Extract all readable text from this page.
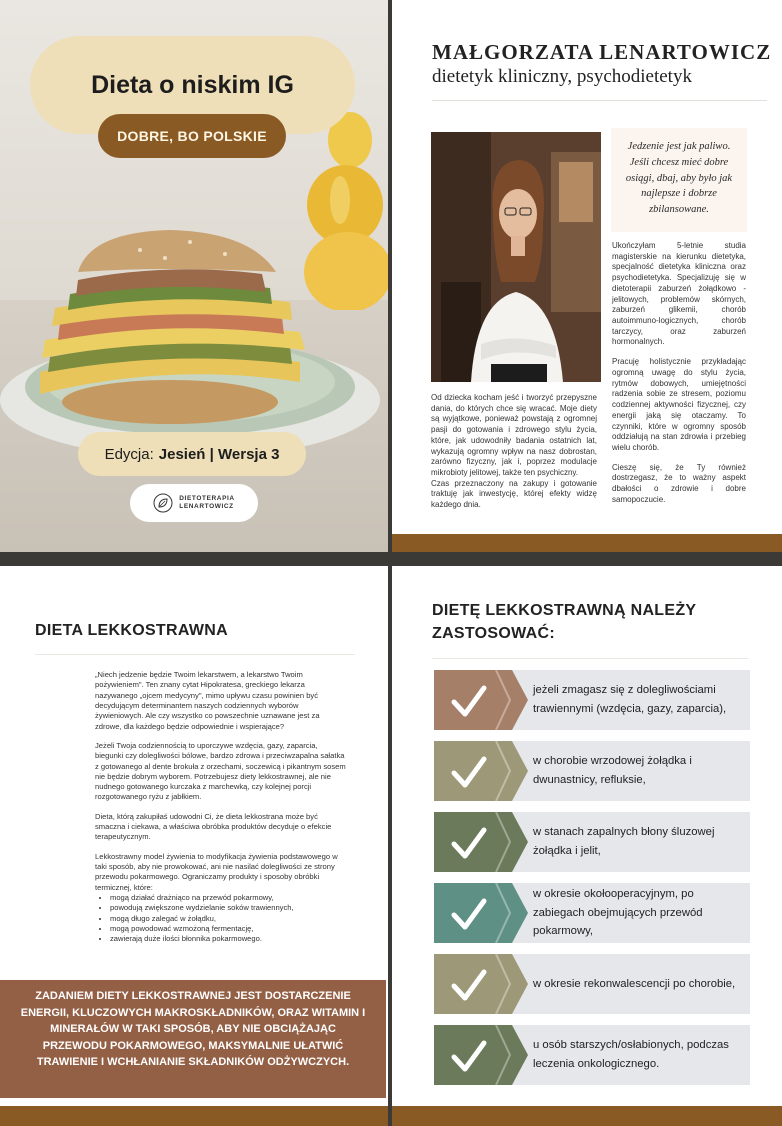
Dieta o niskim IG
DOBRE, BO POLSKIE
Edycja: Jesień | Wersja 3
DIETOTERAPIA
LENARTOWICZ
MAŁGORZATA LENARTOWICZ
dietetyk kliniczny, psychodietetyk
Jedzenie jest jak paliwo. Jeśli chcesz mieć dobre osiągi, dbaj, aby było jak najlepsze i dobrze zbilansowane.

Ukończyłam 5-letnie studia magisterskie na kierunku dietetyka, specjalność dietetyka kliniczna oraz psychodietetyka. Specjalizuję się w dietoterapii zaburzeń żołądkowo - jelitowych, problemów skórnych, zaburzeń glikemii, chorób autoimmuno-logicznych, chorób tarczycy, oraz zaburzeń hormonalnych.

Pracuję holistycznie przykładając ogromną uwagę do stylu życia, rytmów dobowych, umiejętności radzenia sobie ze stresem, poziomu codziennej aktywności fizycznej, czy energii jaką się otaczamy. To czynniki, które w ogromny sposób oddziałują na stan zdrowia i przebieg wielu chorób.

Cieszę się, że Ty również dostrzegasz, że to ważny aspekt dbałości o zdrowie i dobre samopoczucie.

Od dziecka kocham jeść i tworzyć przepyszne dania, do których chce się wracać. Moje diety są wyjątkowe, ponieważ powstają z ogromnej pasji do gotowania i zdrowego stylu życia, które, jak udowodniły badania ostatnich lat, wykazują ogromny wpływ na nasz dobrostan, zarówno fizyczny, jak i, poprzez modulacje mikrobioty jelitowej, także ten psychiczny.

Czas przeznaczony na zakupy i gotowanie traktuję jak inwestycję, której efekty widzę każdego dnia.

DIETA LEKKOSTRAWNA

„Niech jedzenie będzie Twoim lekarstwem, a lekarstwo Twoim pożywieniem". Ten znany cytat Hipokratesa, greckiego lekarza nazywanego „ojcem medycyny", mimo upływu czasu powinien być decydującym determinantem naszych codziennych wyborów żywieniowych. Ale czy wszystko co powszechnie uznawane jest za zdrowe, dla każdego będzie odpowiednie i wspierające?

Jeżeli Twoja codziennością to uporczywe wzdęcia, gazy, zaparcia, biegunki czy dolegliwości bólowe, bardzo zdrowa i przeciwzapalna sałatka z gotowanego al dente brokuła z orzechami, soczewicą i pikantnym sosem nie będzie dobrym wyborem. Potrzebujesz diety lekkostrawnej, ale nie nudnego gotowanego kurczaka z marchewką, czy kolejnej porcji rozgotowanego ryżu z jabłkiem.

Dieta, którą zakupiłaś udowodni Ci, że dieta lekkostrana może być smaczna i ciekawa, a właściwa obróbka produktów decyduje o efekcie terapeutycznym.

Lekkostrawny model żywienia to modyfikacja żywienia podstawowego w taki sposób, aby nie prowokować, ani nie nasilać dolegliwości ze strony przewodu pokarmowego. Ograniczamy produkty i sposoby obróbki termicznej, które:

• mogą działać drażniąco na przewód pokarmowy,
• powodują zwiększone wydzielanie soków trawiennych,
• mogą długo zalegać w żołądku,
• mogą powodować wzmożoną fermentację,
• zawierają duże ilości błonnika pokarmowego.
ZADANIEM DIETY LEKKOSTRAWNEJ JEST DOSTARCZENIE ENERGII, KLUCZOWYCH MAKROSKŁADNIKÓW, ORAZ WITAMIN I MINERAŁÓW W TAKI SPOSÓB, ABY NIE OBCIĄŻAJĄC PRZEWODU POKARMOWEGO, MAKSYMALNIE UŁATWIĆ TRAWIENIE I WCHŁANIANIE SKŁADNIKÓW ODŻYWCZYCH.
DIETĘ LEKKOSTRAWNĄ NALEŻY
ZASTOSOWAĆ:
jeżeli zmagasz się z dolegliwościami trawiennymi (wzdęcia, gazy, zaparcia),
w chorobie wrzodowej żołądka i dwunastnicy, refluksie,
w stanach zapalnych błony śluzowej żołądka i jelit,
w okresie okołooperacyjnym, po zabiegach obejmujących przewód pokarmowy,
w okresie rekonwalescencji po chorobie,
u osób starszych/osłabionych, podczas leczenia onkologicznego.
